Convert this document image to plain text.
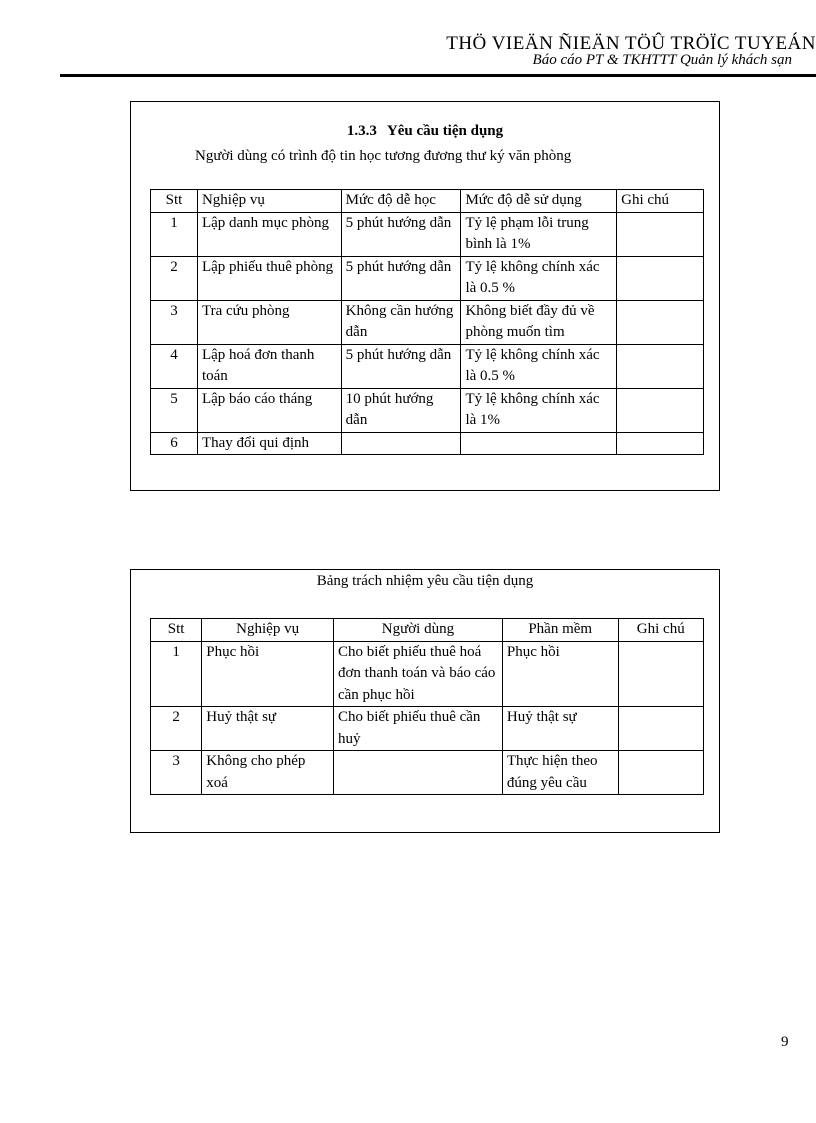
THÖ VIEÄN ÑIEÄN TÖÛ TRÖÏC TUYEÁN
Báo cáo PT & TKHTTT Quản lý khách sạn
1.3.3 Yêu cầu tiện dụng
Người dùng có trình độ tin học tương đương thư ký văn phòng
Stt	Nghiệp vụ	Mức độ dễ học	Mức độ dễ sử dụng	Ghi chú
1	Lập danh mục phòng	5 phút hướng dẫn	Tỷ lệ phạm lỗi trung bình là 1%	
2	Lập phiếu thuê phòng	5 phút hướng dẫn	Tỷ lệ không chính xác là 0.5 %	
3	Tra cứu phòng	Không cần hướng dẫn	Không biết đầy đủ về phòng muốn tìm	
4	Lập hoá đơn thanh toán	5 phút hướng dẫn	Tỷ lệ không chính xác là 0.5 %	
5	Lập báo cáo tháng	10 phút hướng dẫn	Tỷ lệ không chính xác là 1%	
6	Thay đổi qui định			
Bảng trách nhiệm yêu cầu tiện dụng
Stt	Nghiệp vụ	Người dùng	Phần mềm	Ghi chú
1	Phục hồi	Cho biết phiếu thuê hoá đơn thanh toán và báo cáo cần phục hồi	Phục hồi	
2	Huỷ thật sự	Cho biết phiếu thuê cần huỷ	Huỷ thật sự	
3	Không cho phép xoá		Thực hiện theo đúng yêu cầu	
9
